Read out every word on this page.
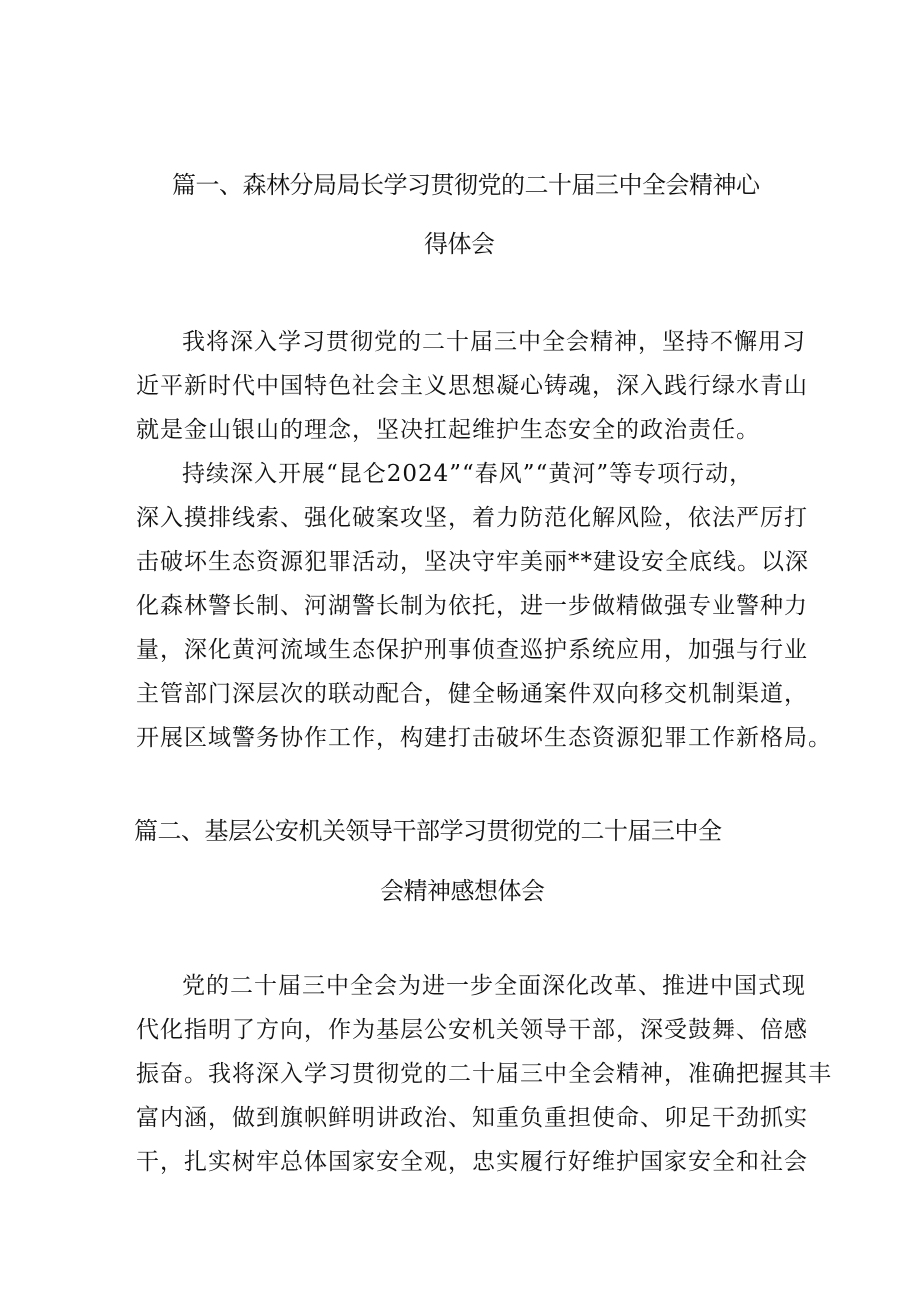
篇一、森林分局局长学习贯彻党的二十届三中全会精神心
得体会
我将深入学习贯彻党的二十届三中全会精神，坚持不懈用习
近平新时代中国特色社会主义思想凝心铸魂，深入践行绿水青山
就是金山银山的理念，坚决扛起维护生态安全的政治责任。
持续深入开展“昆仑2024”“春风”“黄河”等专项行动，
深入摸排线索、强化破案攻坚，着力防范化解风险，依法严厉打
击破坏生态资源犯罪活动，坚决守牢美丽**建设安全底线。以深
化森林警长制、河湖警长制为依托，进一步做精做强专业警种力
量，深化黄河流域生态保护刑事侦查巡护系统应用，加强与行业
主管部门深层次的联动配合，健全畅通案件双向移交机制渠道，
开展区域警务协作工作，构建打击破坏生态资源犯罪工作新格局。
篇二、基层公安机关领导干部学习贯彻党的二十届三中全
会精神感想体会
党的二十届三中全会为进一步全面深化改革、推进中国式现
代化指明了方向，作为基层公安机关领导干部，深受鼓舞、倍感
振奋。我将深入学习贯彻党的二十届三中全会精神，准确把握其丰
富内涵，做到旗帜鲜明讲政治、知重负重担使命、卯足干劲抓实
干，扎实树牢总体国家安全观，忠实履行好维护国家安全和社会
